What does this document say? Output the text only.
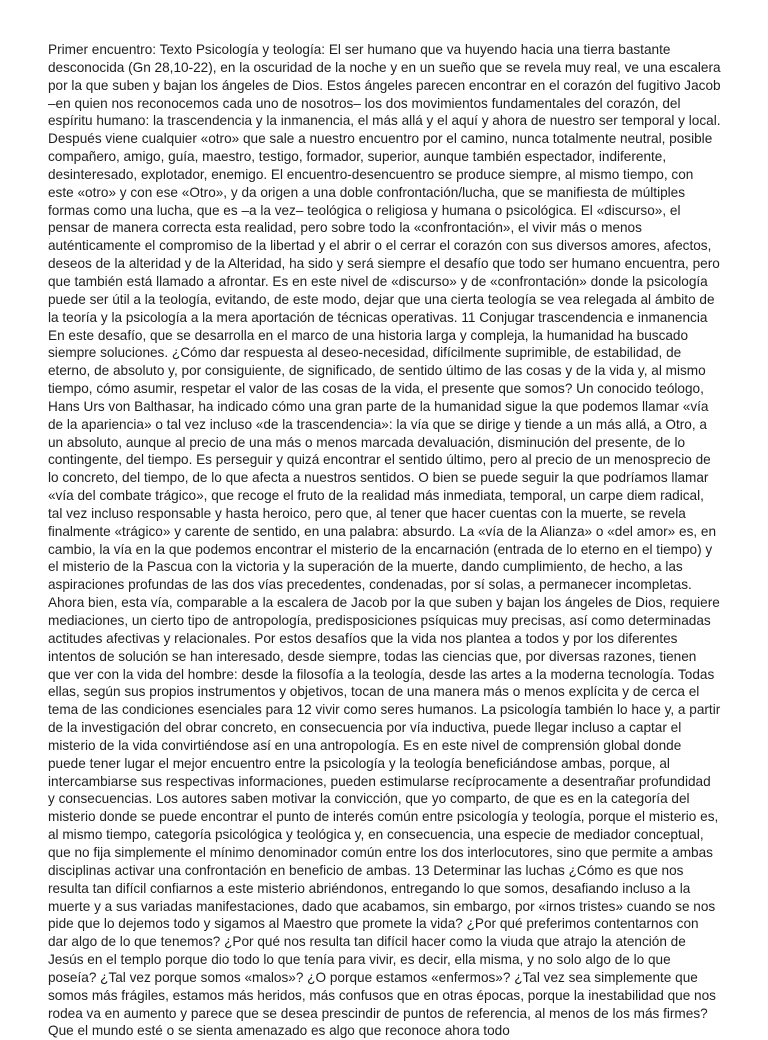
Primer encuentro: Texto Psicología y teología: El ser humano que va huyendo hacia una tierra bastante desconocida (Gn 28,10-22), en la oscuridad de la noche y en un sueño que se revela muy real, ve una escalera por la que suben y bajan los ángeles de Dios. Estos ángeles parecen encontrar en el corazón del fugitivo Jacob –en quien nos reconocemos cada uno de nosotros– los dos movimientos fundamentales del corazón, del espíritu humano: la trascendencia y la inmanencia, el más allá y el aquí y ahora de nuestro ser temporal y local. Después viene cualquier «otro» que sale a nuestro encuentro por el camino, nunca totalmente neutral, posible compañero, amigo, guía, maestro, testigo, formador, superior, aunque también espectador, indiferente, desinteresado, explotador, enemigo. El encuentro-desencuentro se produce siempre, al mismo tiempo, con este «otro» y con ese «Otro», y da origen a una doble confrontación/lucha, que se manifiesta de múltiples formas como una lucha, que es –a la vez– teológica o religiosa y humana o psicológica. El «discurso», el pensar de manera correcta esta realidad, pero sobre todo la «confrontación», el vivir más o menos auténticamente el compromiso de la libertad y el abrir o el cerrar el corazón con sus diversos amores, afectos, deseos de la alteridad y de la Alteridad, ha sido y será siempre el desafío que todo ser humano encuentra, pero que también está llamado a afrontar. Es en este nivel de «discurso» y de «confrontación» donde la psicología puede ser útil a la teología, evitando, de este modo, dejar que una cierta teología se vea relegada al ámbito de la teoría y la psicología a la mera aportación de técnicas operativas. 11 Conjugar trascendencia e inmanencia En este desafío, que se desarrolla en el marco de una historia larga y compleja, la humanidad ha buscado siempre soluciones. ¿Cómo dar respuesta al deseo-necesidad, difícilmente suprimible, de estabilidad, de eterno, de absoluto y, por consiguiente, de significado, de sentido último de las cosas y de la vida y, al mismo tiempo, cómo asumir, respetar el valor de las cosas de la vida, el presente que somos? Un conocido teólogo, Hans Urs von Balthasar, ha indicado cómo una gran parte de la humanidad sigue la que podemos llamar «vía de la apariencia» o tal vez incluso «de la trascendencia»: la vía que se dirige y tiende a un más allá, a Otro, a un absoluto, aunque al precio de una más o menos marcada devaluación, disminución del presente, de lo contingente, del tiempo. Es perseguir y quizá encontrar el sentido último, pero al precio de un menosprecio de lo concreto, del tiempo, de lo que afecta a nuestros sentidos. O bien se puede seguir la que podríamos llamar «vía del combate trágico», que recoge el fruto de la realidad más inmediata, temporal, un carpe diem radical, tal vez incluso responsable y hasta heroico, pero que, al tener que hacer cuentas con la muerte, se revela finalmente «trágico» y carente de sentido, en una palabra: absurdo. La «vía de la Alianza» o «del amor» es, en cambio, la vía en la que podemos encontrar el misterio de la encarnación (entrada de lo eterno en el tiempo) y el misterio de la Pascua con la victoria y la superación de la muerte, dando cumplimiento, de hecho, a las aspiraciones profundas de las dos vías precedentes, condenadas, por sí solas, a permanecer incompletas. Ahora bien, esta vía, comparable a la escalera de Jacob por la que suben y bajan los ángeles de Dios, requiere mediaciones, un cierto tipo de antropología, predisposiciones psíquicas muy precisas, así como determinadas actitudes afectivas y relacionales. Por estos desafíos que la vida nos plantea a todos y por los diferentes intentos de solución se han interesado, desde siempre, todas las ciencias que, por diversas razones, tienen que ver con la vida del hombre: desde la filosofía a la teología, desde las artes a la moderna tecnología. Todas ellas, según sus propios instrumentos y objetivos, tocan de una manera más o menos explícita y de cerca el tema de las condiciones esenciales para 12 vivir como seres humanos. La psicología también lo hace y, a partir de la investigación del obrar concreto, en consecuencia por vía inductiva, puede llegar incluso a captar el misterio de la vida convirtiéndose así en una antropología. Es en este nivel de comprensión global donde puede tener lugar el mejor encuentro entre la psicología y la teología beneficiándose ambas, porque, al intercambiarse sus respectivas informaciones, pueden estimularse recíprocamente a desentrañar profundidad y consecuencias. Los autores saben motivar la convicción, que yo comparto, de que es en la categoría del misterio donde se puede encontrar el punto de interés común entre psicología y teología, porque el misterio es, al mismo tiempo, categoría psicológica y teológica y, en consecuencia, una especie de mediador conceptual, que no fija simplemente el mínimo denominador común entre los dos interlocutores, sino que permite a ambas disciplinas activar una confrontación en beneficio de ambas. 13 Determinar las luchas ¿Cómo es que nos resulta tan difícil confiarnos a este misterio abriéndonos, entregando lo que somos, desafiando incluso a la muerte y a sus variadas manifestaciones, dado que acabamos, sin embargo, por «irnos tristes» cuando se nos pide que lo dejemos todo y sigamos al Maestro que promete la vida? ¿Por qué preferimos contentarnos con dar algo de lo que tenemos? ¿Por qué nos resulta tan difícil hacer como la viuda que atrajo la atención de Jesús en el templo porque dio todo lo que tenía para vivir, es decir, ella misma, y no solo algo de lo que poseía? ¿Tal vez porque somos «malos»? ¿O porque estamos «enfermos»? ¿Tal vez sea simplemente que somos más frágiles, estamos más heridos, más confusos que en otras épocas, porque la inestabilidad que nos rodea va en aumento y parece que se desea prescindir de puntos de referencia, al menos de los más firmes? Que el mundo esté o se sienta amenazado es algo que reconoce ahora todo
